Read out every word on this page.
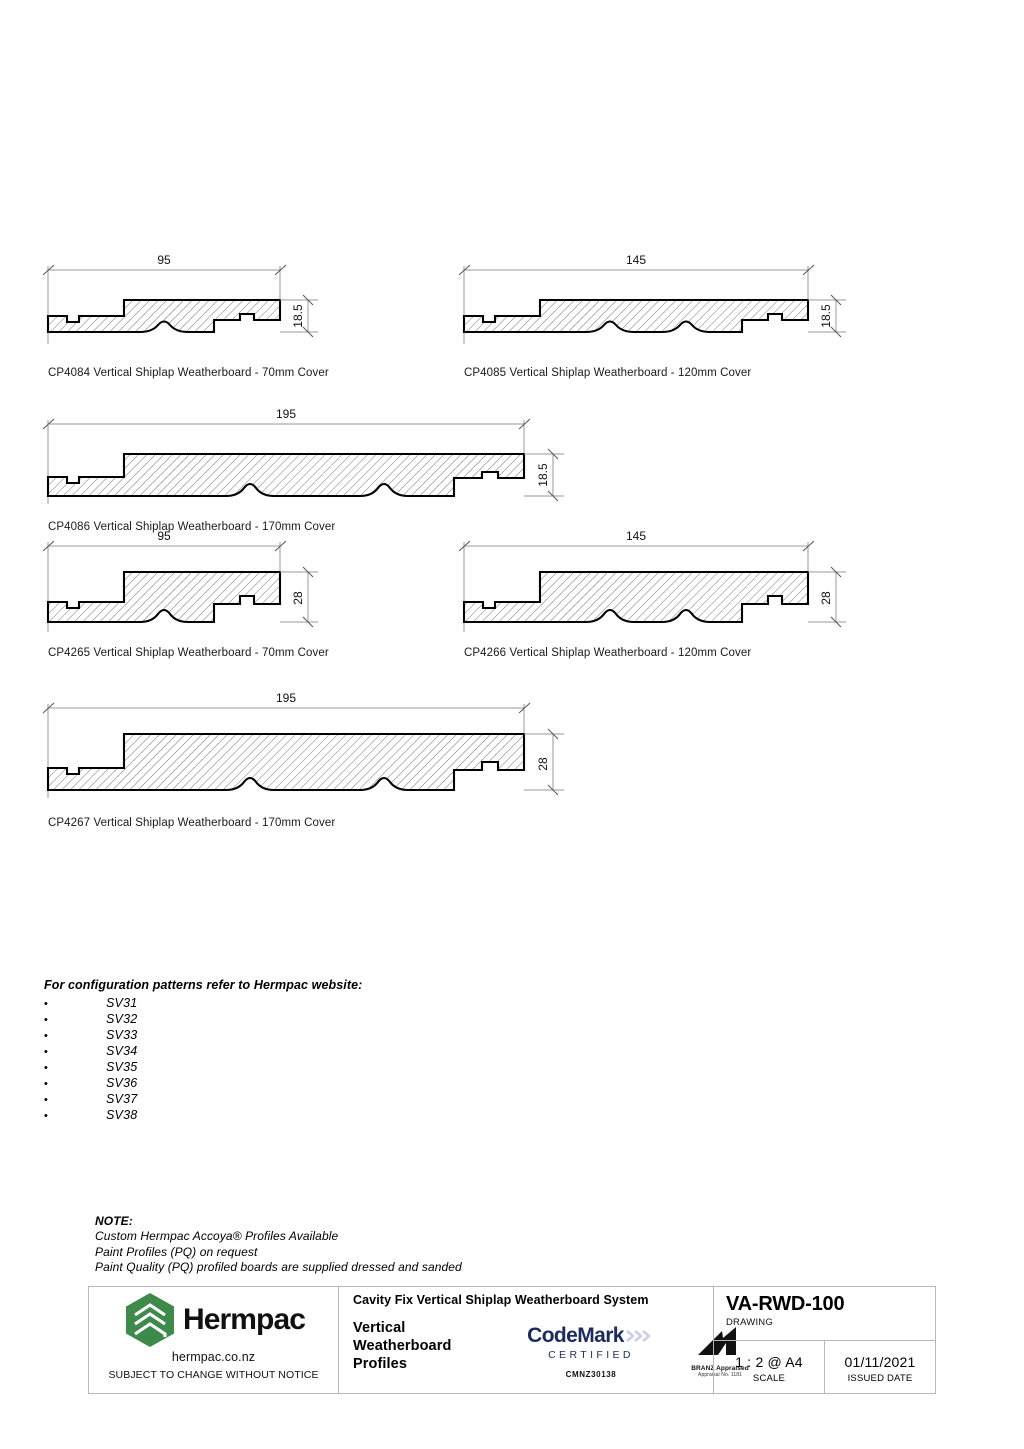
95
18.5
CP4084 Vertical Shiplap Weatherboard - 70mm Cover
145
18.5
CP4085 Vertical Shiplap Weatherboard - 120mm Cover
195
18.5
CP4086 Vertical Shiplap Weatherboard - 170mm Cover
95
28
CP4265 Vertical Shiplap Weatherboard - 70mm Cover
145
28
CP4266 Vertical Shiplap Weatherboard - 120mm Cover
195
28
CP4267 Vertical Shiplap Weatherboard - 170mm Cover
For configuration patterns refer to Hermpac website:
•	SV31
•	SV32
•	SV33
•	SV34
•	SV35
•	SV36
•	SV37
•	SV38
NOTE:
Custom Hermpac Accoya® Profiles Available
Paint Profiles (PQ) on request
Paint Quality (PQ) profiled boards are supplied dressed and sanded
Hermpac
hermpac.co.nz
SUBJECT TO CHANGE WITHOUT NOTICE
Cavity Fix Vertical Shiplap Weatherboard System
Vertical
Weatherboard
Profiles
CodeMark
CERTIFIED
CMNZ30138
BRANZ Appraised
Appraisal No. 1181
VA-RWD-100
DRAWING
1 : 2 @ A4
SCALE
01/11/2021
ISSUED DATE
